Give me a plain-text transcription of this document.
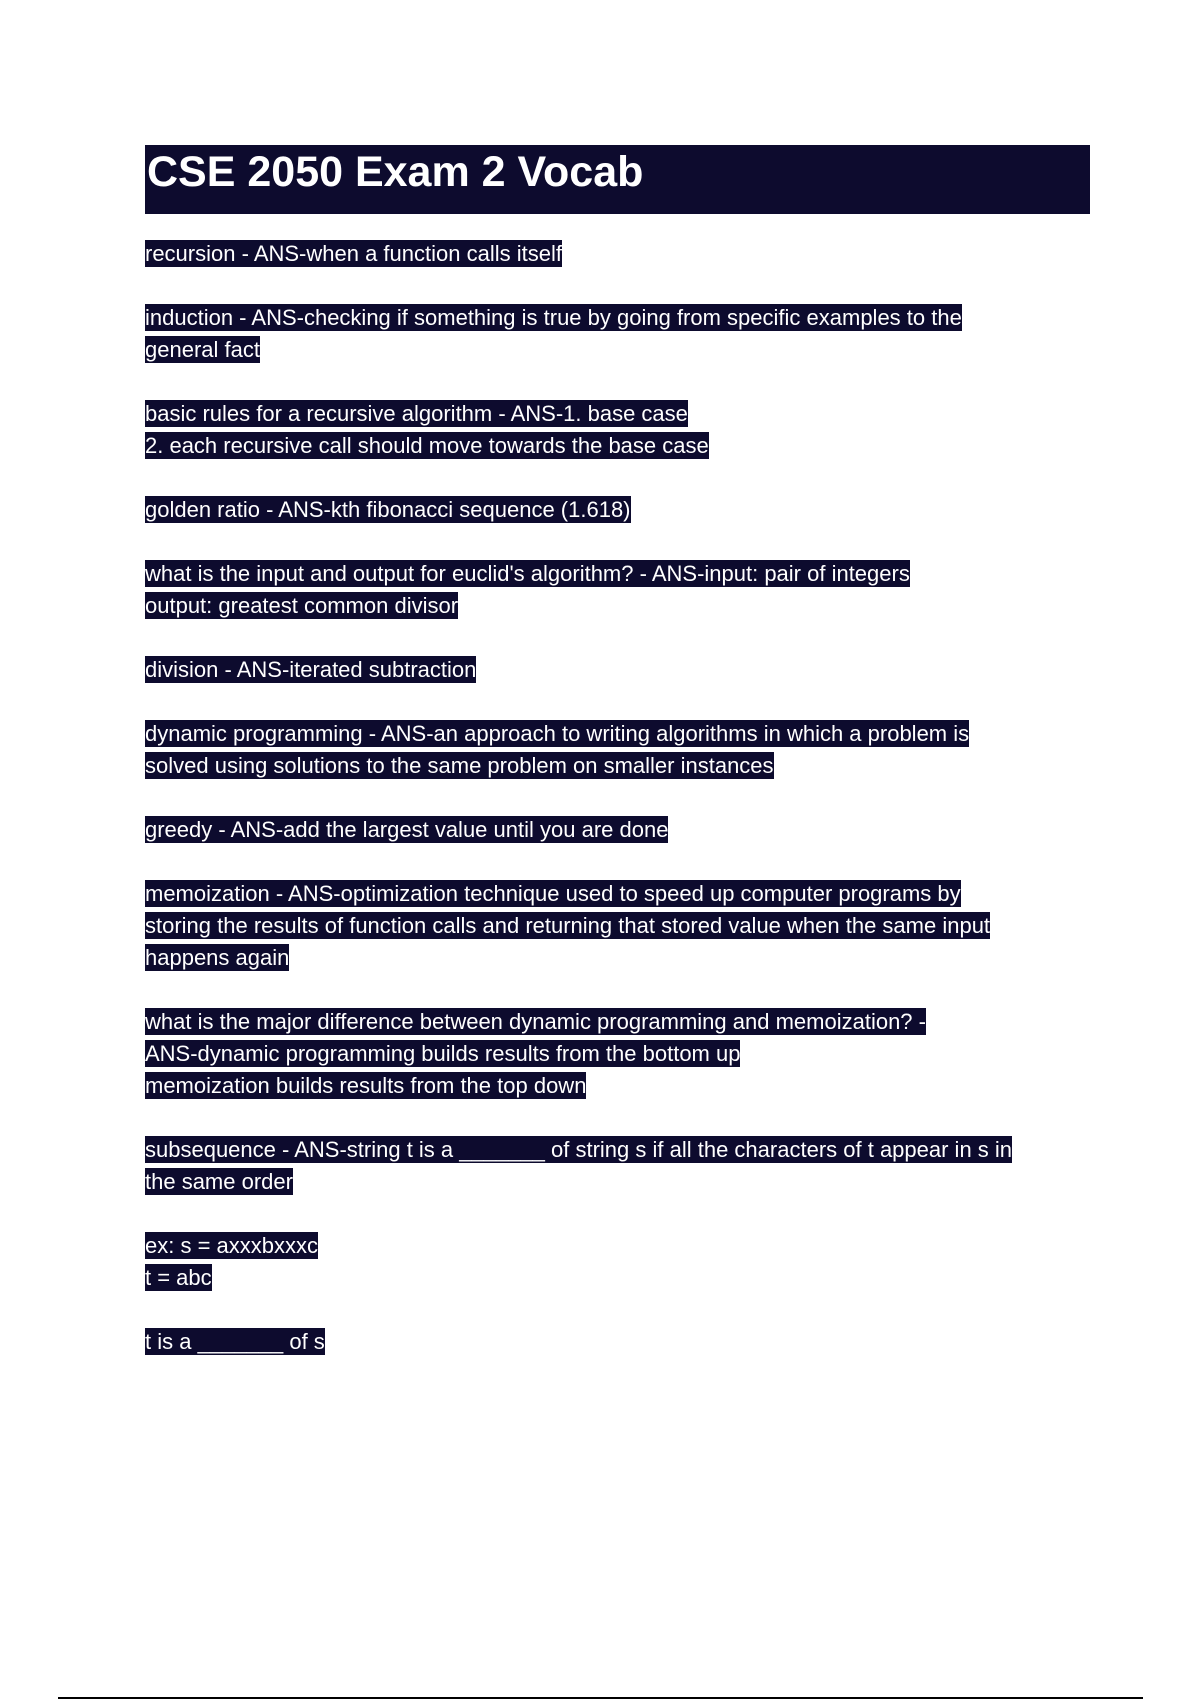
CSE 2050 Exam 2 Vocab
recursion - ANS-when a function calls itself
induction - ANS-checking if something is true by going from specific examples to the
general fact
basic rules for a recursive algorithm - ANS-1. base case
2. each recursive call should move towards the base case
golden ratio - ANS-kth fibonacci sequence (1.618)
what is the input and output for euclid's algorithm? - ANS-input: pair of integers
output: greatest common divisor
division - ANS-iterated subtraction
dynamic programming - ANS-an approach to writing algorithms in which a problem is
solved using solutions to the same problem on smaller instances
greedy - ANS-add the largest value until you are done
memoization - ANS-optimization technique used to speed up computer programs by
storing the results of function calls and returning that stored value when the same input
happens again
what is the major difference between dynamic programming and memoization? -
ANS-dynamic programming builds results from the bottom up
memoization builds results from the top down
subsequence - ANS-string t is a _______ of string s if all the characters of t appear in s in
the same order
ex: s = axxxbxxxc
t = abc
t is a _______ of s
